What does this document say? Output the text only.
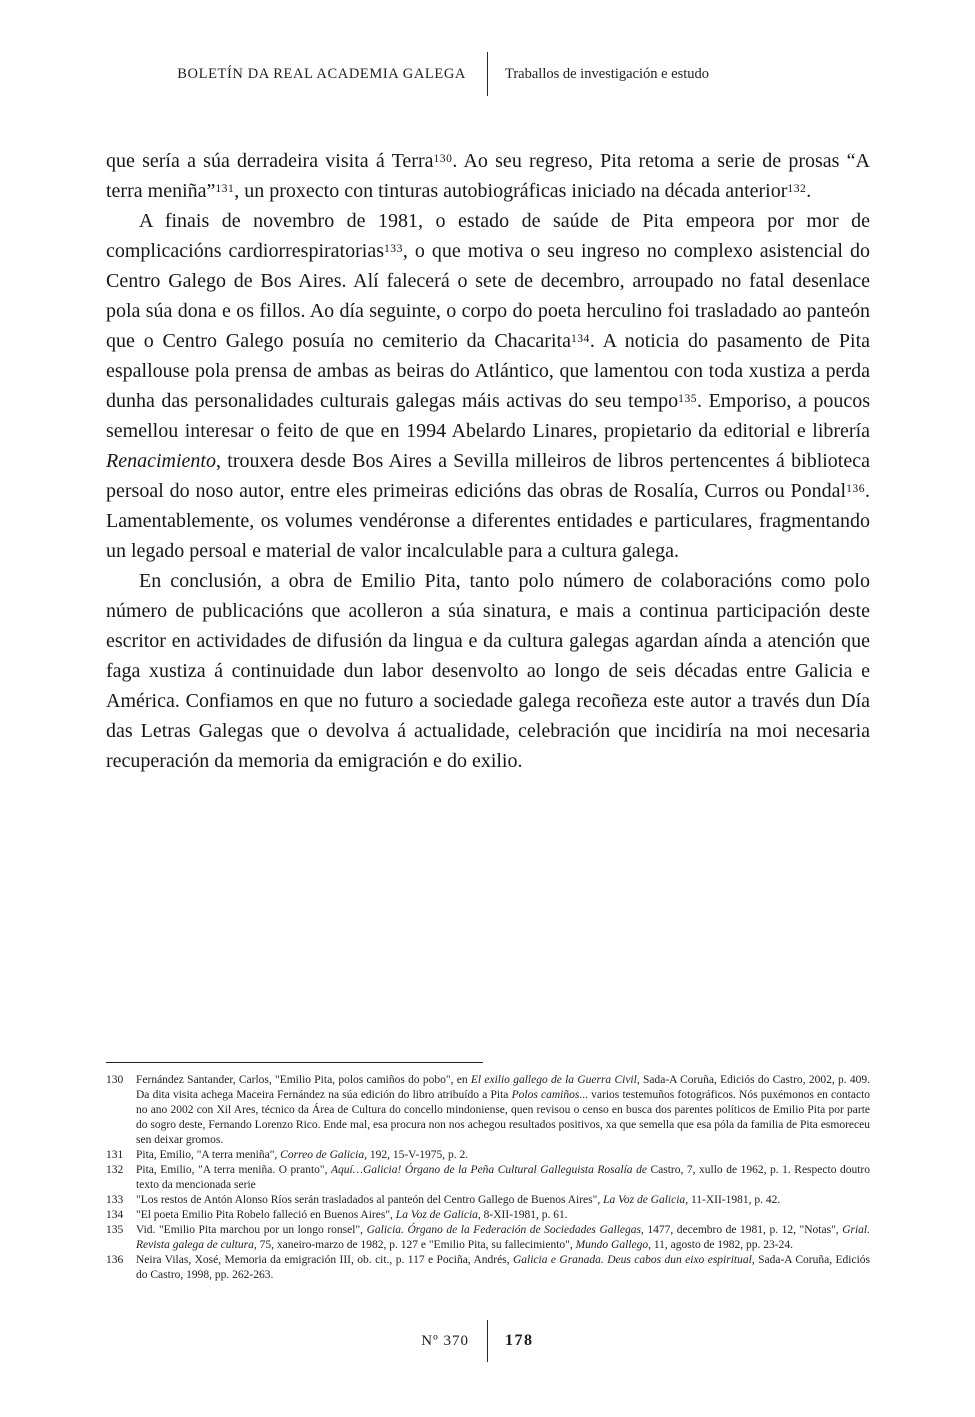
BOLETÍN DA REAL ACADEMIA GALEGA	Traballos de investigación e estudo

que sería a súa derradeira visita á Terra$^{130}$. Ao seu regreso, Pita retoma a serie de prosas “A terra meniña”$^{131}$, un proxecto con tinturas autobiográficas iniciado na década anterior$^{132}$.

A finais de novembro de 1981, o estado de saúde de Pita empeora por mor de complicacións cardiorrespiratorias$^{133}$, o que motiva o seu ingreso no complexo asistencial do Centro Galego de Bos Aires. Alí falecerá o sete de decembro, arroupado no fatal desenlace pola súa dona e os fillos. Ao día seguinte, o corpo do poeta herculino foi trasladado ao panteón que o Centro Galego posuía no cemiterio da Chacarita$^{134}$. A noticia do pasamento de Pita espallouse pola prensa de ambas as beiras do Atlántico, que lamentou con toda xustiza a perda dunha das personalidades culturais galegas máis activas do seu tempo$^{135}$. Emporiso, a poucos semellou interesar o feito de que en 1994 Abelardo Linares, propietario da editorial e librería Renacimiento, trouxera desde Bos Aires a Sevilla milleiros de libros pertencentes á biblioteca persoal do noso autor, entre eles primeiras edicións das obras de Rosalía, Curros ou Pondal$^{136}$. Lamentablemente, os volumes vendéronse a diferentes entidades e particulares, fragmentando un legado persoal e material de valor incalculable para a cultura galega.

En conclusión, a obra de Emilio Pita, tanto polo número de colaboracións como polo número de publicacións que acolleron a súa sinatura, e mais a continua participación deste escritor en actividades de difusión da lingua e da cultura galegas agardan aínda a atención que faga xustiza á continuidade dun labor desenvolto ao longo de seis décadas entre Galicia e América. Confiamos en que no futuro a sociedade galega recoñeza este autor a través dun Día das Letras Galegas que o devolva á actualidade, celebración que incidiría na moi necesaria recuperación da memoria da emigración e do exilio.

130	Fernández Santander, Carlos, "Emilio Pita, polos camiños do pobo", en El exilio gallego de la Guerra Civil, Sada-A Coruña, Ediciós do Castro, 2002, p. 409. Da dita visita achega Maceira Fernández na súa edición do libro atribuído a Pita Polos camiños... varios testemuños fotográficos. Nós puxémonos en contacto no ano 2002 con Xil Ares, técnico da Área de Cultura do concello mindoniense, quen revisou o censo en busca dos parentes políticos de Emilio Pita por parte do sogro deste, Fernando Lorenzo Rico. Ende mal, esa procura non nos achegou resultados positivos, xa que semella que esa póla da familia de Pita esmoreceu sen deixar gromos.
131	Pita, Emilio, "A terra meniña", Correo de Galicia, 192, 15-V-1975, p. 2.
132	Pita, Emilio, "A terra meniña. O pranto", Aquí…Galicia! Órgano de la Peña Cultural Galleguista Rosalía de Castro, 7, xullo de 1962, p. 1. Respecto doutro texto da mencionada serie
133	"Los restos de Antón Alonso Ríos serán trasladados al panteón del Centro Gallego de Buenos Aires", La Voz de Galicia, 11-XII-1981, p. 42.
134	"El poeta Emilio Pita Robelo falleció en Buenos Aires", La Voz de Galicia, 8-XII-1981, p. 61.
135	Vid. "Emilio Pita marchou por un longo ronsel", Galicia. Órgano de la Federación de Sociedades Gallegas, 1477, decembro de 1981, p. 12, "Notas", Grial. Revista galega de cultura, 75, xaneiro-marzo de 1982, p. 127 e "Emilio Pita, su fallecimiento", Mundo Gallego, 11, agosto de 1982, pp. 23-24.
136	Neira Vilas, Xosé, Memoria da emigración III, ob. cit., p. 117 e Pociña, Andrés, Galicia e Granada. Deus cabos dun eixo espiritual, Sada-A Coruña, Ediciós do Castro, 1998, pp. 262-263.
Nº 370 178
